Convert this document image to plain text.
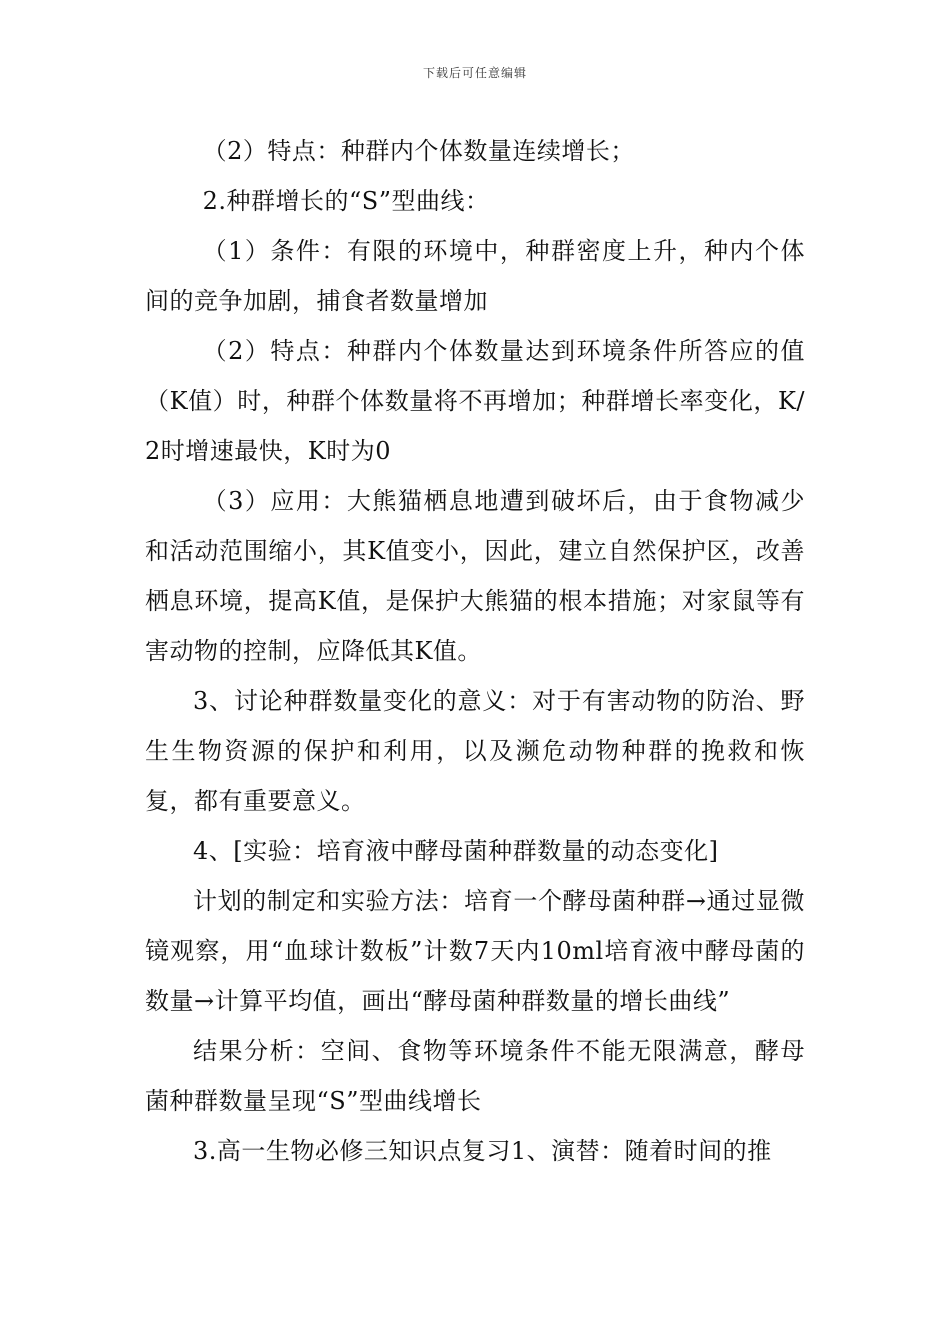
下载后可任意编辑

（2）特点：种群内个体数量连续增长；

2.种群增长的“S”型曲线：

（1）条件：有限的环境中，种群密度上升，种内个体间的竞争加剧，捕食者数量增加

（2）特点：种群内个体数量达到环境条件所答应的值（K值）时，种群个体数量将不再增加；种群增长率变化，K/2时增速最快，K时为0

（3）应用：大熊猫栖息地遭到破坏后，由于食物减少和活动范围缩小，其K值变小，因此，建立自然保护区，改善栖息环境，提高K值，是保护大熊猫的根本措施；对家鼠等有害动物的控制，应降低其K值。

3、讨论种群数量变化的意义：对于有害动物的防治、野生生物资源的保护和利用，以及濒危动物种群的挽救和恢复，都有重要意义。

4、[实验：培育液中酵母菌种群数量的动态变化]

计划的制定和实验方法：培育一个酵母菌种群→通过显微镜观察，用“血球计数板”计数7天内10ml培育液中酵母菌的数量→计算平均值，画出“酵母菌种群数量的增长曲线”

结果分析：空间、食物等环境条件不能无限满意，酵母菌种群数量呈现“S”型曲线增长

3.高一生物必修三知识点复习1、演替：随着时间的推
